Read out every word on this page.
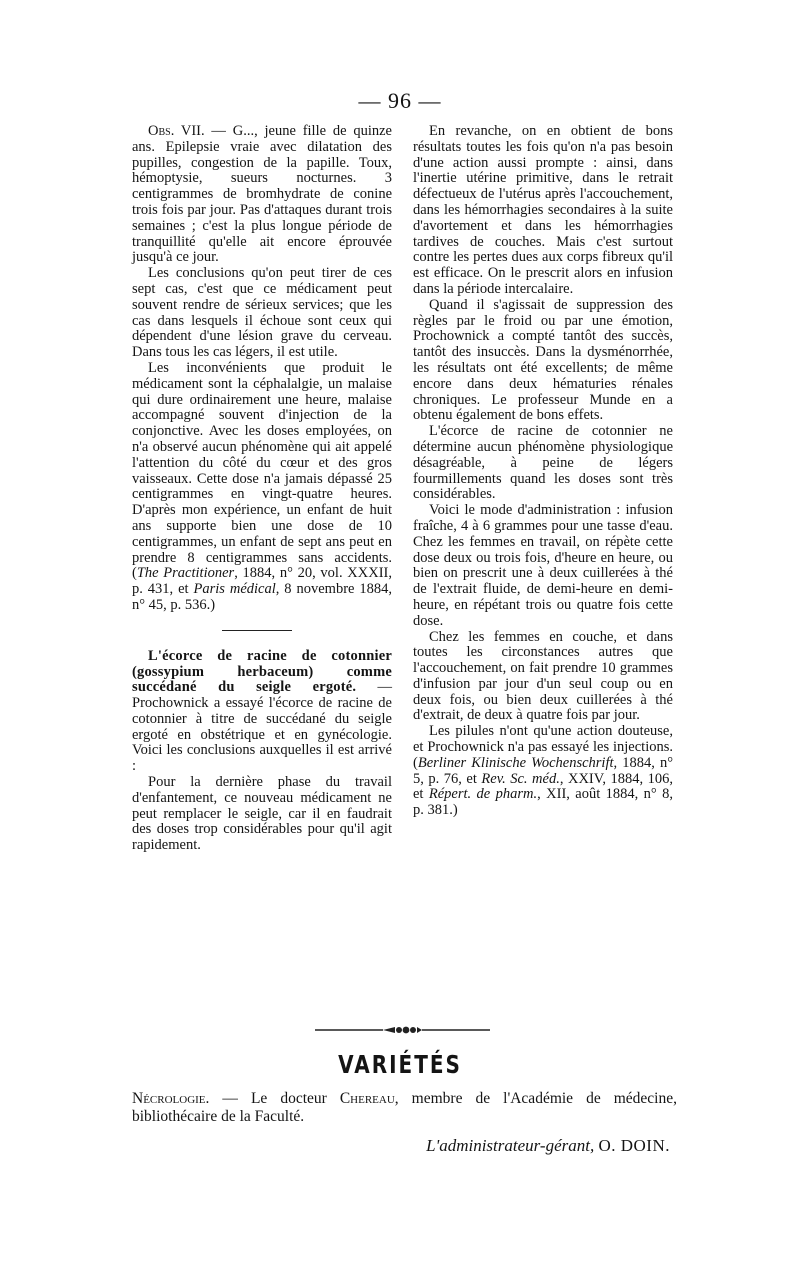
— 96 —

Obs. VII. — G..., jeune fille de quinze ans. Epilepsie vraie avec dilatation des pupilles, congestion de la papille. Toux, hémoptysie, sueurs nocturnes. 3 centigrammes de bromhydrate de conine trois fois par jour. Pas d'attaques durant trois semaines ; c'est la plus longue période de tranquillité qu'elle ait encore éprouvée jusqu'à ce jour.

Les conclusions qu'on peut tirer de ces sept cas, c'est que ce médicament peut souvent rendre de sérieux services; que les cas dans lesquels il échoue sont ceux qui dépendent d'une lésion grave du cerveau. Dans tous les cas légers, il est utile.

Les inconvénients que produit le médicament sont la céphalalgie, un malaise qui dure ordinairement une heure, malaise accompagné souvent d'injection de la conjonctive. Avec les doses employées, on n'a observé aucun phénomène qui ait appelé l'attention du côté du cœur et des gros vaisseaux. Cette dose n'a jamais dépassé 25 centigrammes en vingt-quatre heures. D'après mon expérience, un enfant de huit ans supporte bien une dose de 10 centigrammes, un enfant de sept ans peut en prendre 8 centigrammes sans accidents. (The Practitioner, 1884, n° 20, vol. XXXII, p. 431, et Paris médical, 8 novembre 1884, n° 45, p. 536.)

L'écorce de racine de cotonnier (gossypium herbaceum) comme succédané du seigle ergoté. — Prochownick a essayé l'écorce de racine de cotonnier à titre de succédané du seigle ergoté en obstétrique et en gynécologie. Voici les conclusions auxquelles il est arrivé :

Pour la dernière phase du travail d'enfantement, ce nouveau médicament ne peut remplacer le seigle, car il en faudrait des doses trop considérables pour qu'il agit rapidement.

En revanche, on en obtient de bons résultats toutes les fois qu'on n'a pas besoin d'une action aussi prompte : ainsi, dans l'inertie utérine primitive, dans le retrait défectueux de l'utérus après l'accouchement, dans les hémorrhagies secondaires à la suite d'avortement et dans les hémorrhagies tardives de couches. Mais c'est surtout contre les pertes dues aux corps fibreux qu'il est efficace. On le prescrit alors en infusion dans la période intercalaire.

Quand il s'agissait de suppression des règles par le froid ou par une émotion, Prochownick a compté tantôt des succès, tantôt des insuccès. Dans la dysménorrhée, les résultats ont été excellents; de même encore dans deux hématuries rénales chroniques. Le professeur Munde en a obtenu également de bons effets.

L'écorce de racine de cotonnier ne détermine aucun phénomène physiologique désagréable, à peine de légers fourmillements quand les doses sont très considérables.

Voici le mode d'administration : infusion fraîche, 4 à 6 grammes pour une tasse d'eau. Chez les femmes en travail, on répète cette dose deux ou trois fois, d'heure en heure, ou bien on prescrit une à deux cuillerées à thé de l'extrait fluide, de demi-heure en demi-heure, en répétant trois ou quatre fois cette dose.

Chez les femmes en couche, et dans toutes les circonstances autres que l'accouchement, on fait prendre 10 grammes d'infusion par jour d'un seul coup ou en deux fois, ou bien deux cuillerées à thé d'extrait, de deux à quatre fois par jour.

Les pilules n'ont qu'une action douteuse, et Prochownick n'a pas essayé les injections. (Berliner Klinische Wochenschrift, 1884, n° 5, p. 76, et Rev. Sc. méd., XXIV, 1884, 106, et Répert. de pharm., XII, août 1884, n° 8, p. 381.)

VARIÉTÉS
Nécrologie. — Le docteur Chereau, membre de l'Académie de médecine, bibliothécaire de la Faculté.
L'administrateur-gérant, O. DOIN.
